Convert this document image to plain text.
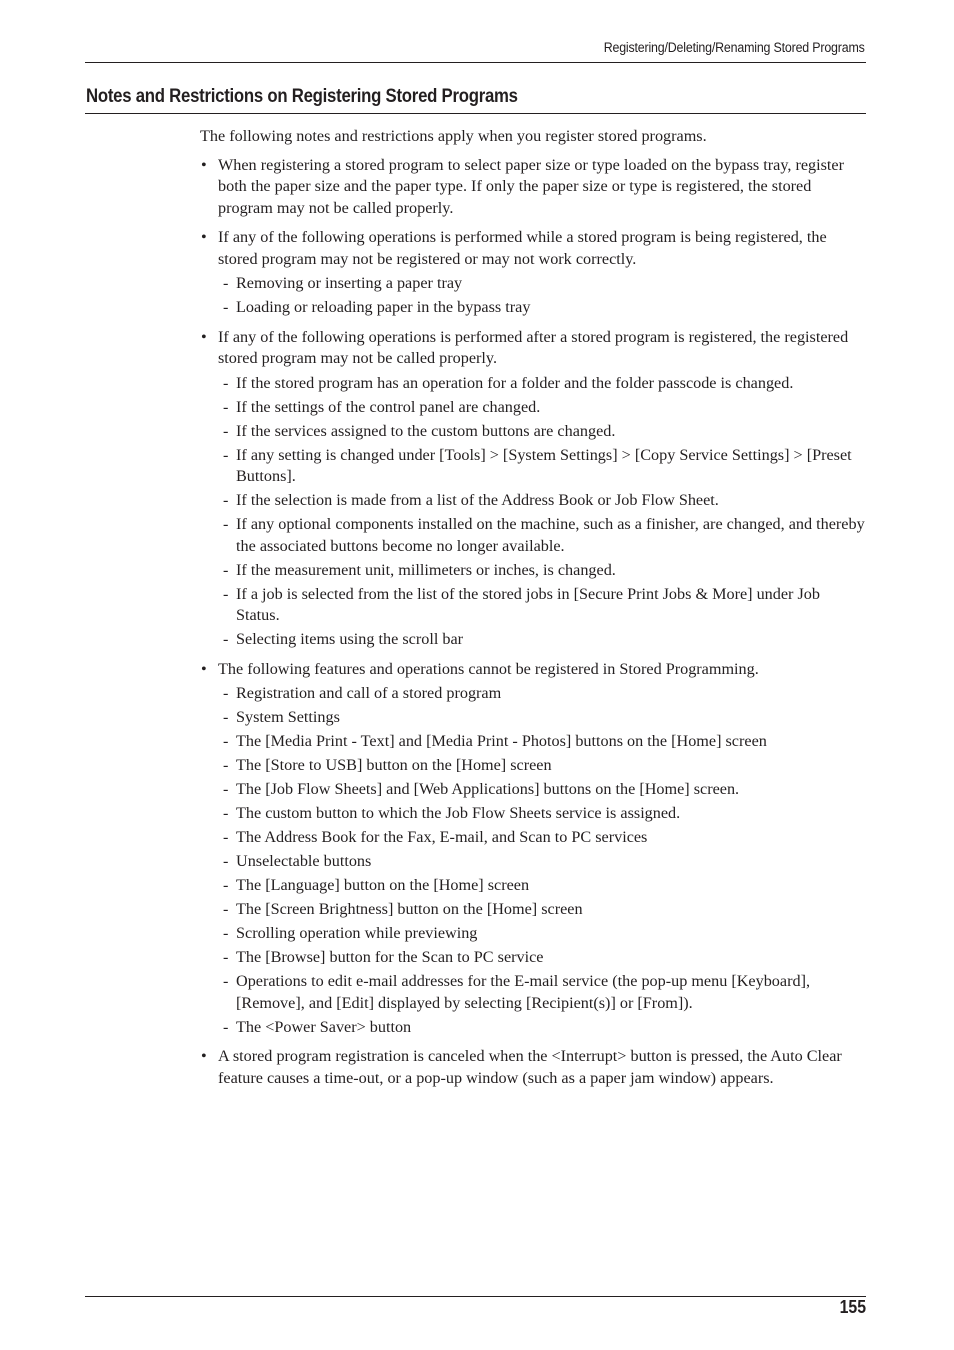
Registering/Deleting/Renaming Stored Programs
Notes and Restrictions on Registering Stored Programs

The following notes and restrictions apply when you register stored programs.

• When registering a stored program to select paper size or type loaded on the bypass tray, register both the paper size and the paper type. If only the paper size or type is registered, the stored program may not be called properly.
• If any of the following operations is performed while a stored program is being registered, the stored program may not be registered or may not work correctly.
- Removing or inserting a paper tray
- Loading or reloading paper in the bypass tray
• If any of the following operations is performed after a stored program is registered, the registered stored program may not be called properly.
- If the stored program has an operation for a folder and the folder passcode is changed.
- If the settings of the control panel are changed.
- If the services assigned to the custom buttons are changed.
- If any setting is changed under [Tools] > [System Settings] > [Copy Service Settings] > [Preset Buttons].
- If the selection is made from a list of the Address Book or Job Flow Sheet.
- If any optional components installed on the machine, such as a finisher, are changed, and thereby the associated buttons become no longer available.
- If the measurement unit, millimeters or inches, is changed.
- If a job is selected from the list of the stored jobs in [Secure Print Jobs & More] under Job Status.
- Selecting items using the scroll bar
• The following features and operations cannot be registered in Stored Programming.
- Registration and call of a stored program
- System Settings
- The [Media Print - Text] and [Media Print - Photos] buttons on the [Home] screen
- The [Store to USB] button on the [Home] screen
- The [Job Flow Sheets] and [Web Applications] buttons on the [Home] screen.
- The custom button to which the Job Flow Sheets service is assigned.
- The Address Book for the Fax, E-mail, and Scan to PC services
- Unselectable buttons
- The [Language] button on the [Home] screen
- The [Screen Brightness] button on the [Home] screen
- Scrolling operation while previewing
- The [Browse] button for the Scan to PC service
- Operations to edit e-mail addresses for the E-mail service (the pop-up menu [Keyboard], [Remove], and [Edit] displayed by selecting [Recipient(s)] or [From]).
- The <Power Saver> button
• A stored program registration is canceled when the <Interrupt> button is pressed, the Auto Clear feature causes a time-out, or a pop-up window (such as a paper jam window) appears.
155
